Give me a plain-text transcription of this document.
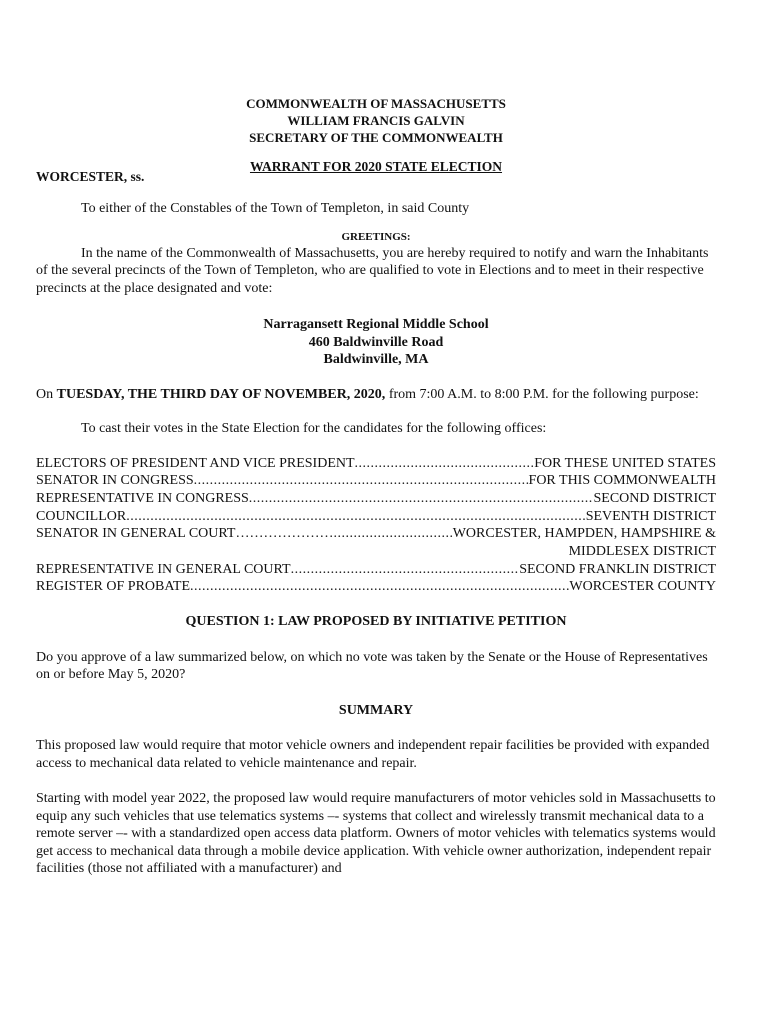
COMMONWEALTH OF MASSACHUSETTS
WILLIAM FRANCIS GALVIN
SECRETARY OF THE COMMONWEALTH
WARRANT FOR 2020 STATE ELECTION
WORCESTER, ss.

To either of the Constables of the Town of Templeton, in said County

GREETINGS:

In the name of the Commonwealth of Massachusetts, you are hereby required to notify and warn the Inhabitants of the several precincts of the Town of Templeton, who are qualified to vote in Elections and to meet in their respective precincts at the place designated and vote:

Narragansett Regional Middle School
460 Baldwinville Road
Baldwinville, MA

On TUESDAY, THE THIRD DAY OF NOVEMBER, 2020, from 7:00 A.M. to 8:00 P.M. for the following purpose:

To cast their votes in the State Election for the candidates for the following offices:

ELECTORS OF PRESIDENT AND VICE PRESIDENT .....	FOR THESE UNITED STATES
SENATOR IN CONGRESS .....	FOR THIS COMMONWEALTH
REPRESENTATIVE IN CONGRESS .....	SECOND DISTRICT
COUNCILLOR .....	SEVENTH DISTRICT
SENATOR IN GENERAL COURT………………… .....	WORCESTER, HAMPDEN, HAMPSHIRE &
MIDDLESEX DISTRICT
REPRESENTATIVE IN GENERAL COURT .....	SECOND FRANKLIN DISTRICT
REGISTER OF PROBATE .....	WORCESTER COUNTY
QUESTION 1: LAW PROPOSED BY INITIATIVE PETITION

Do you approve of a law summarized below, on which no vote was taken by the Senate or the House of Representatives on or before May 5, 2020?

SUMMARY

This proposed law would require that motor vehicle owners and independent repair facilities be provided with expanded access to mechanical data related to vehicle maintenance and repair.

Starting with model year 2022, the proposed law would require manufacturers of motor vehicles sold in Massachusetts to equip any such vehicles that use telematics systems –- systems that collect and wirelessly transmit mechanical data to a remote server –- with a standardized open access data platform. Owners of motor vehicles with telematics systems would get access to mechanical data through a mobile device application. With vehicle owner authorization, independent repair facilities (those not affiliated with a manufacturer) and
